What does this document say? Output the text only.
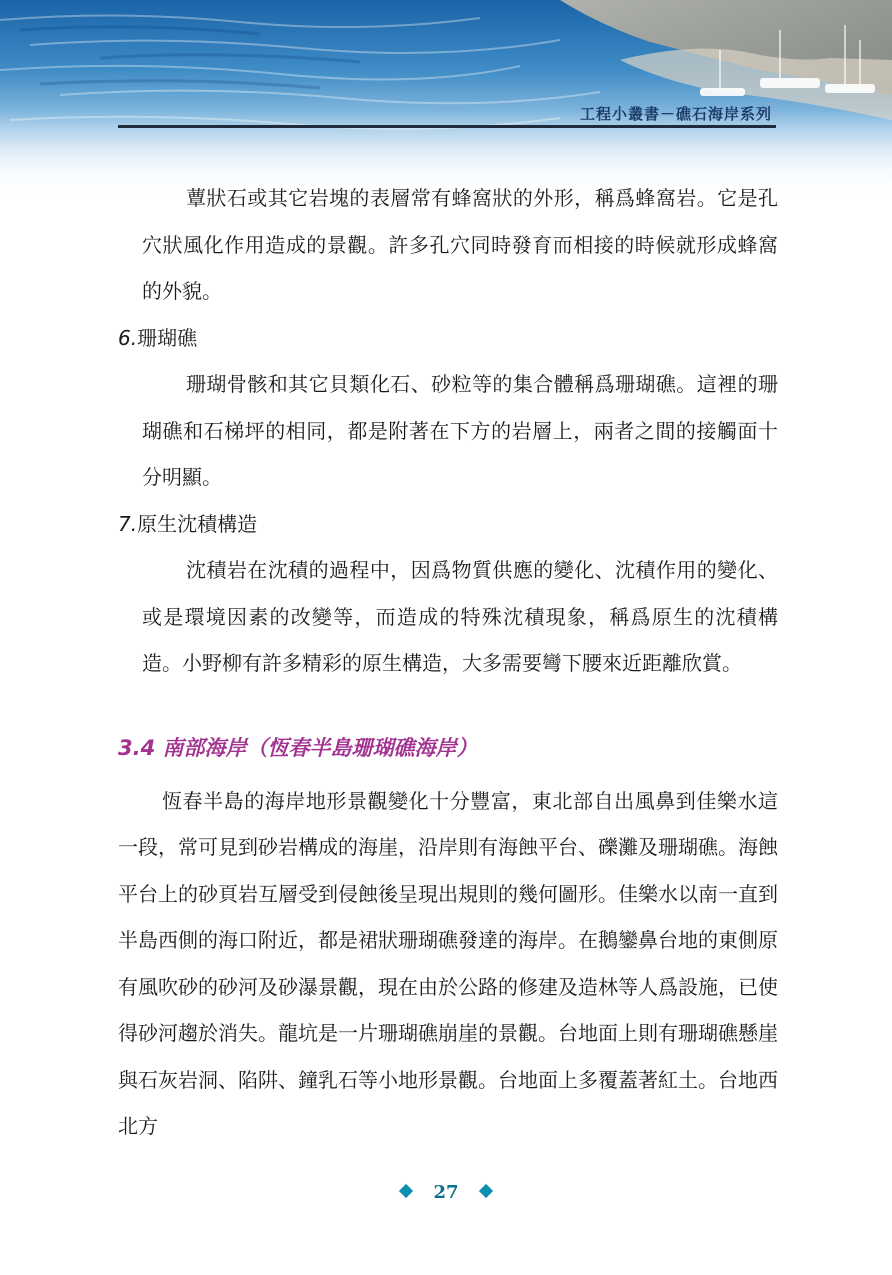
工程小叢書－礁石海岸系列

蕈狀石或其它岩塊的表層常有蜂窩狀的外形，稱爲蜂窩岩。它是孔穴狀風化作用造成的景觀。許多孔穴同時發育而相接的時候就形成蜂窩的外貌。

6.珊瑚礁

珊瑚骨骸和其它貝類化石、砂粒等的集合體稱爲珊瑚礁。這裡的珊瑚礁和石梯坪的相同，都是附著在下方的岩層上，兩者之間的接觸面十分明顯。

7.原生沈積構造

沈積岩在沈積的過程中，因爲物質供應的變化、沈積作用的變化、或是環境因素的改變等，而造成的特殊沈積現象，稱爲原生的沈積構造。小野柳有許多精彩的原生構造，大多需要彎下腰來近距離欣賞。

3.4 南部海岸（恆春半島珊瑚礁海岸）

恆春半島的海岸地形景觀變化十分豐富，東北部自出風鼻到佳樂水這一段，常可見到砂岩構成的海崖，沿岸則有海蝕平台、礫灘及珊瑚礁。海蝕平台上的砂頁岩互層受到侵蝕後呈現出規則的幾何圖形。佳樂水以南一直到半島西側的海口附近，都是裙狀珊瑚礁發達的海岸。在鵝鑾鼻台地的東側原有風吹砂的砂河及砂瀑景觀，現在由於公路的修建及造林等人爲設施，已使得砂河趨於消失。龍坑是一片珊瑚礁崩崖的景觀。台地面上則有珊瑚礁懸崖與石灰岩洞、陷阱、鐘乳石等小地形景觀。台地面上多覆蓋著紅土。台地西北方

27
